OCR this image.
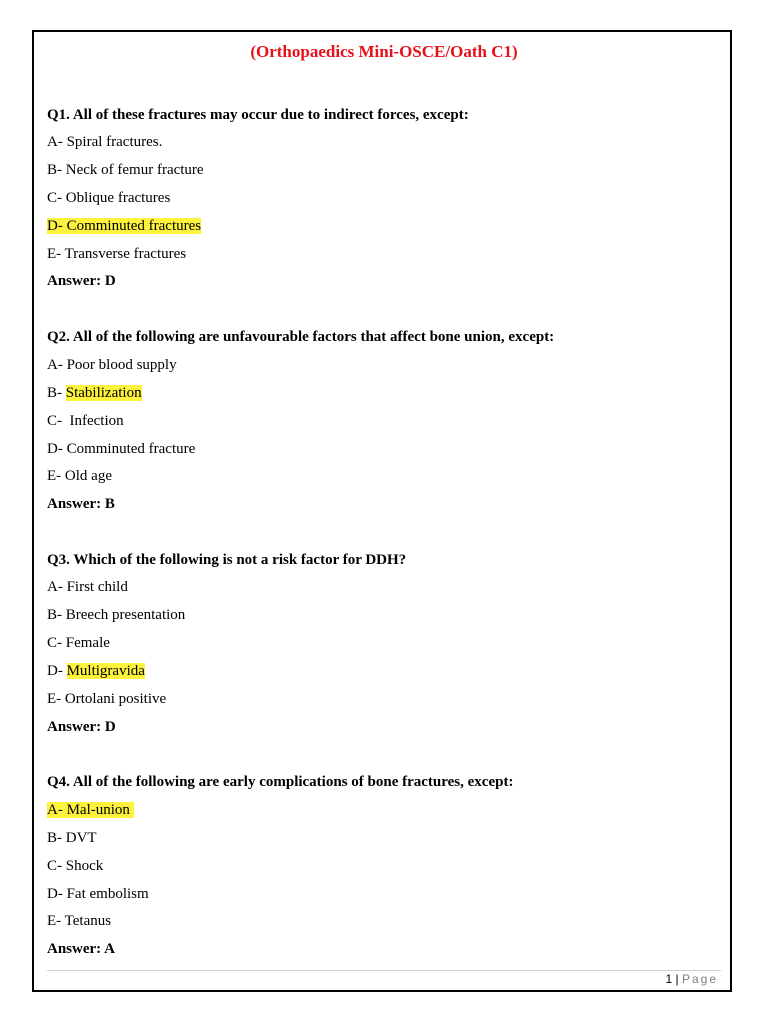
(Orthopaedics Mini-OSCE/Oath C1)
Q1. All of these fractures may occur due to indirect forces, except:
A- Spiral fractures.
B- Neck of femur fracture
C- Oblique fractures
D- Comminuted fractures
E- Transverse fractures
Answer: D
Q2. All of the following are unfavourable factors that affect bone union, except:
A- Poor blood supply
B- Stabilization
C-  Infection
D- Comminuted fracture
E- Old age
Answer: B
Q3. Which of the following is not a risk factor for DDH?
A- First child
B- Breech presentation
C- Female
D- Multigravida
E- Ortolani positive
Answer: D
Q4. All of the following are early complications of bone fractures, except:
A- Mal-union
B- DVT
C- Shock
D- Fat embolism
E- Tetanus
Answer: A
1 | Page
